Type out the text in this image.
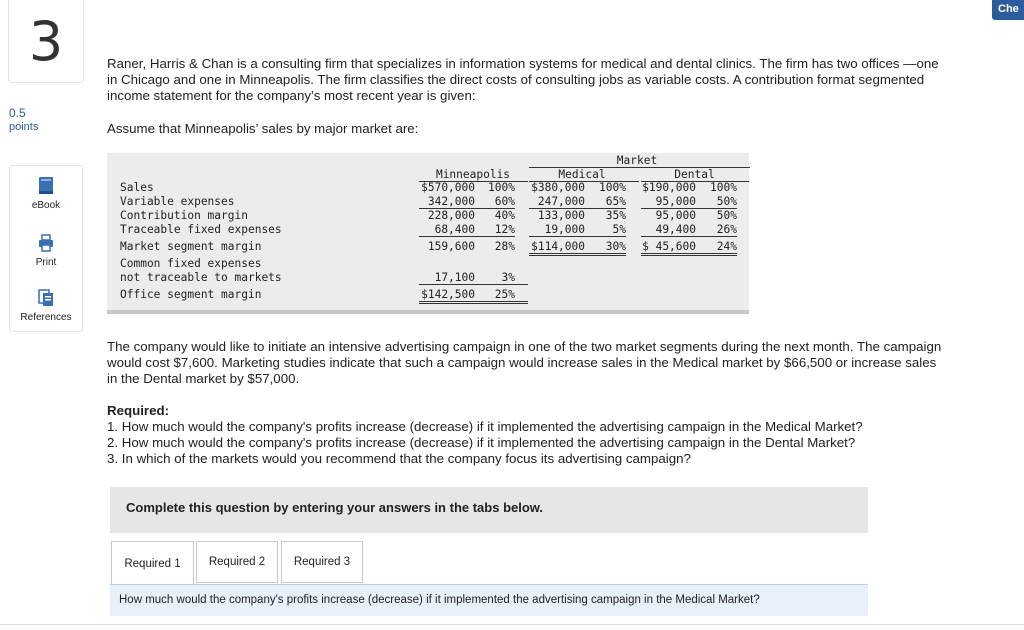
3
0.5
points
eBook
Print
References
Che
Raner, Harris & Chan is a consulting firm that specializes in information systems for medical and dental clinics. The firm has two offices —one in Chicago and one in Minneapolis. The firm classifies the direct costs of consulting jobs as variable costs. A contribution format segmented income statement for the company’s most recent year is given:
Assume that Minneapolis’ sales by major market are:
Market
Minneapolis	Medical	Dental
Sales	$570,000	100%	$380,000	100%	$190,000	100%
Variable expenses	342,000	60%	247,000	65%	95,000	50%
Contribution margin	228,000	40%	133,000	35%	95,000	50%
Traceable fixed expenses	68,400	12%	19,000	5%	49,400	26%
Market segment margin	159,600	28%	$114,000	30%	$ 45,600	24%
Common fixed expenses
not traceable to markets	17,100	3%
Office segment margin	$142,500	25%
The company would like to initiate an intensive advertising campaign in one of the two market segments during the next month. The campaign would cost $7,600. Marketing studies indicate that such a campaign would increase sales in the Medical market by $66,500 or increase sales in the Dental market by $57,000.
Required:
1. How much would the company's profits increase (decrease) if it implemented the advertising campaign in the Medical Market?
2. How much would the company's profits increase (decrease) if it implemented the advertising campaign in the Dental Market?
3. In which of the markets would you recommend that the company focus its advertising campaign?
Complete this question by entering your answers in the tabs below.
Required 1	Required 2	Required 3
How much would the company's profits increase (decrease) if it implemented the advertising campaign in the Medical Market?
